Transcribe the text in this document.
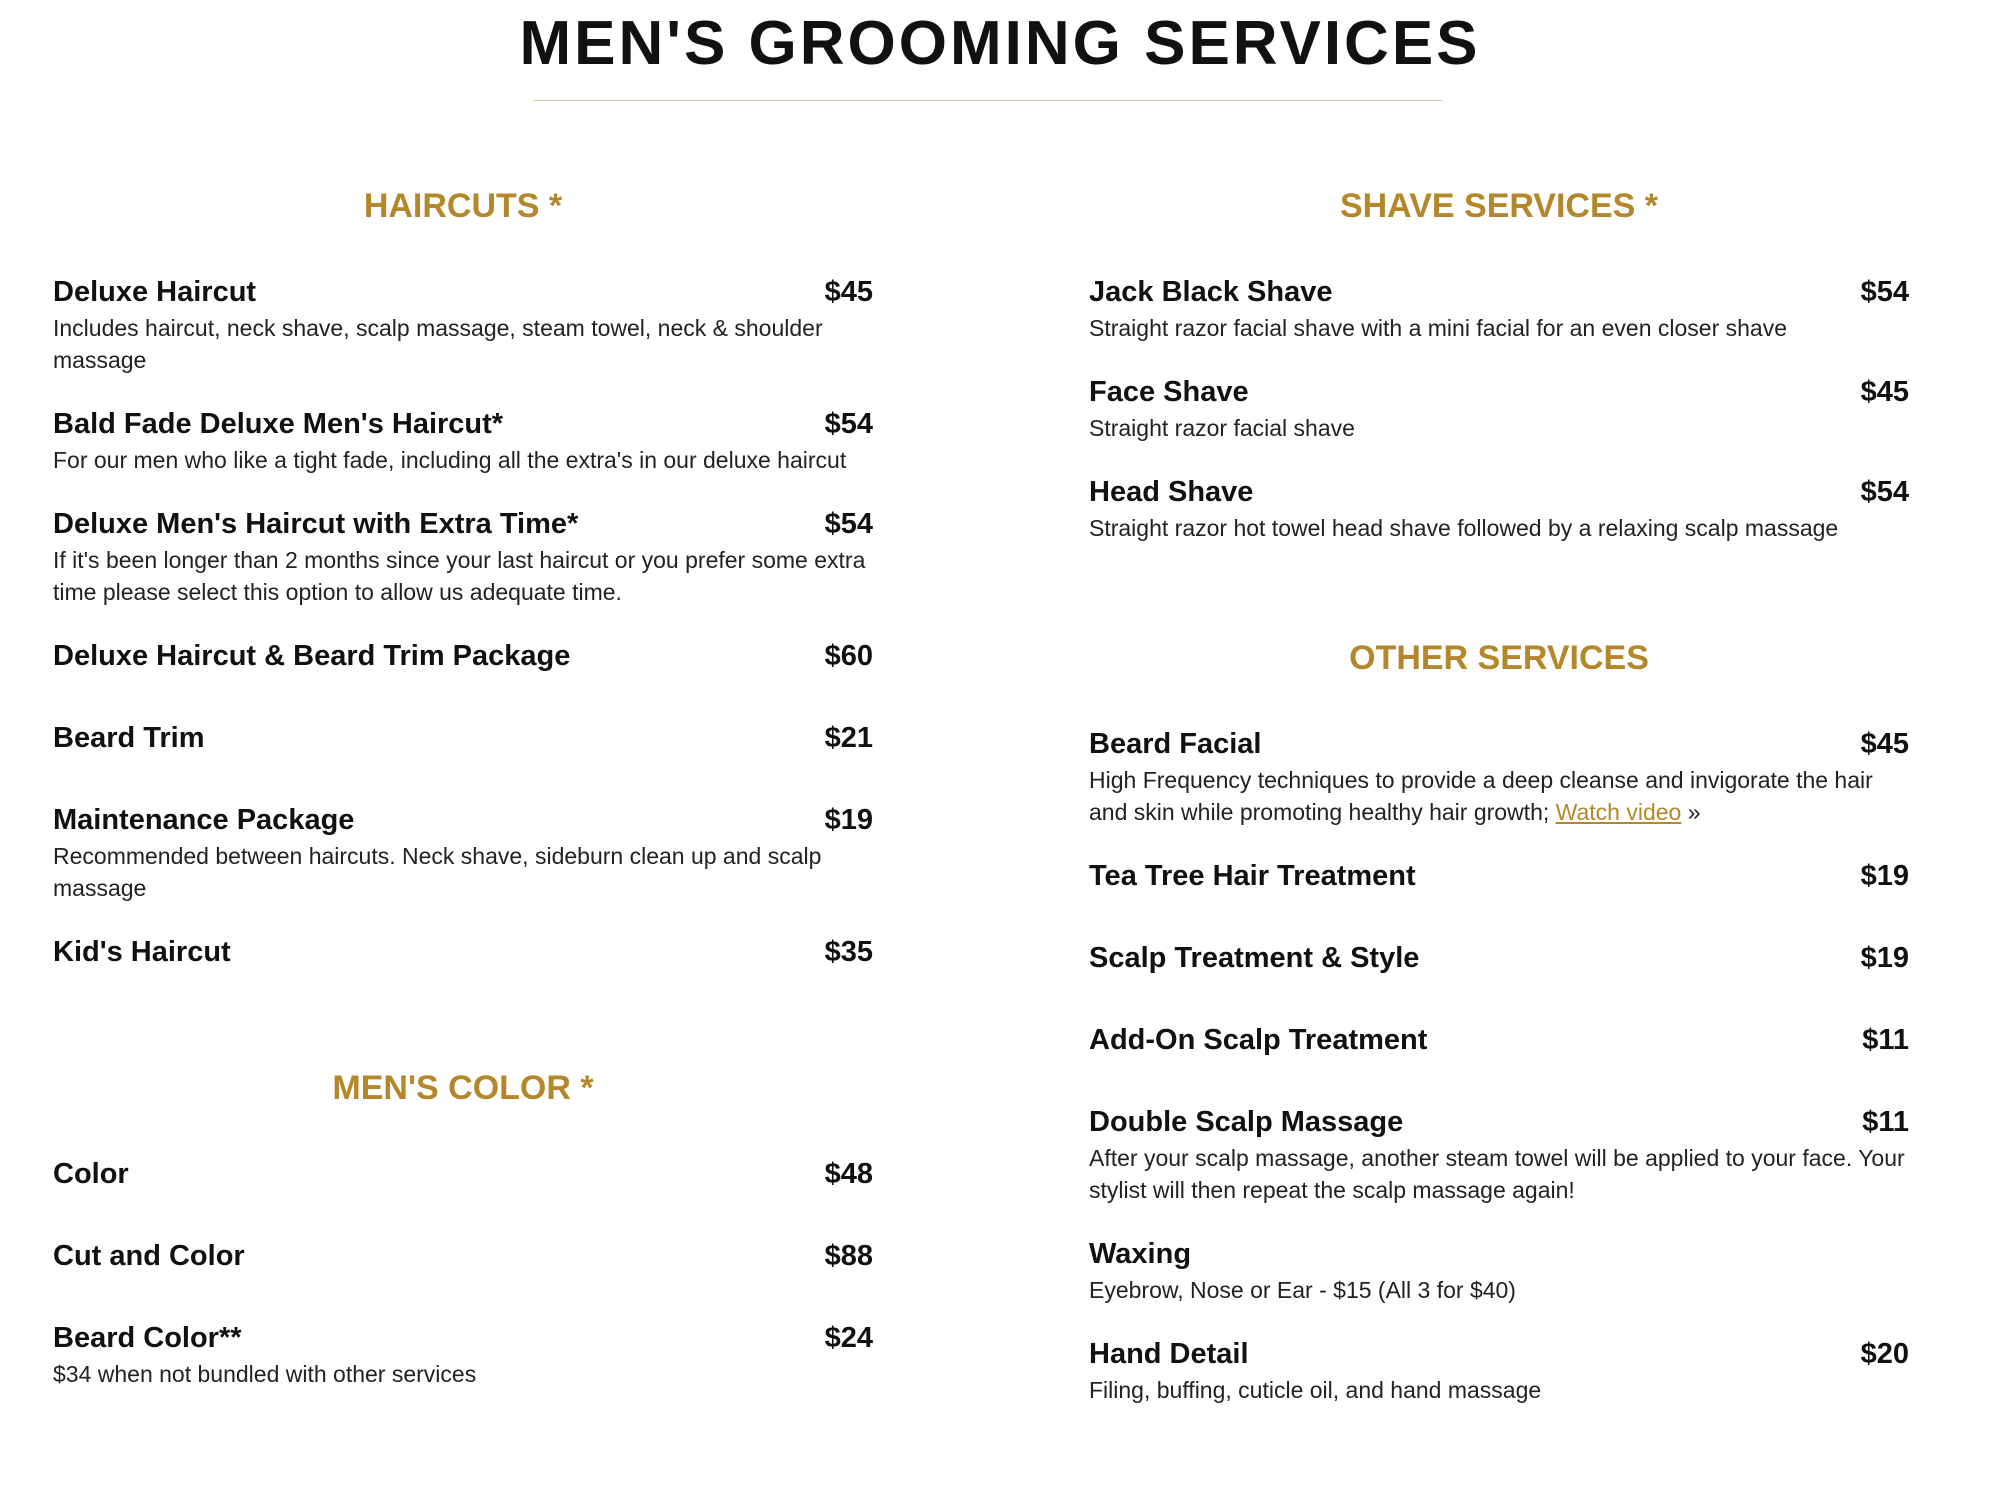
MEN'S GROOMING SERVICES
HAIRCUTS *
Deluxe Haircut	$45
Includes haircut, neck shave, scalp massage, steam towel, neck & shoulder massage
Bald Fade Deluxe Men's Haircut*	$54
For our men who like a tight fade, including all the extra's in our deluxe haircut
Deluxe Men's Haircut with Extra Time*	$54
If it's been longer than 2 months since your last haircut or you prefer some extra time please select this option to allow us adequate time.
Deluxe Haircut & Beard Trim Package	$60
Beard Trim	$21
Maintenance Package	$19
Recommended between haircuts. Neck shave, sideburn clean up and scalp massage
Kid's Haircut	$35
MEN'S COLOR *
Color	$48
Cut and Color	$88
Beard Color**	$24
$34 when not bundled with other services
SHAVE SERVICES *
Jack Black Shave	$54
Straight razor facial shave with a mini facial for an even closer shave
Face Shave	$45
Straight razor facial shave
Head Shave	$54
Straight razor hot towel head shave followed by a relaxing scalp massage
OTHER SERVICES
Beard Facial	$45
High Frequency techniques to provide a deep cleanse and invigorate the hair and skin while promoting healthy hair growth; Watch video »
Tea Tree Hair Treatment	$19
Scalp Treatment & Style	$19
Add-On Scalp Treatment	$11
Double Scalp Massage	$11
After your scalp massage, another steam towel will be applied to your face. Your stylist will then repeat the scalp massage again!
Waxing
Eyebrow, Nose or Ear - $15 (All 3 for $40)
Hand Detail	$20
Filing, buffing, cuticle oil, and hand massage
